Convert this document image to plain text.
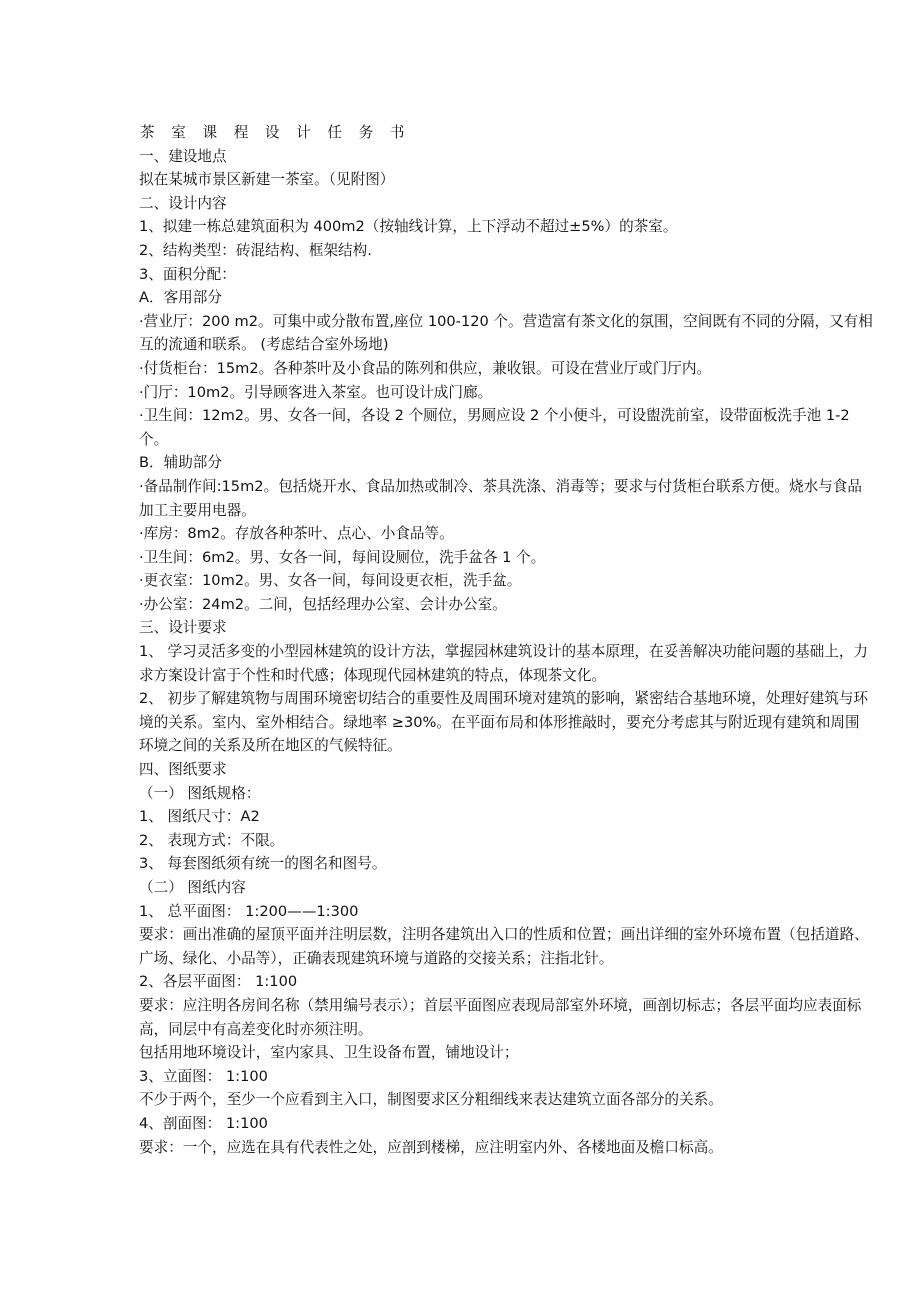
茶 室 课 程 设 计 任 务 书

一、建设地点

拟在某城市景区新建一茶室。（见附图）

二、设计内容

1、拟建一栋总建筑面积为 400m2（按轴线计算，上下浮动不超过±5%）的茶室。

2、结构类型：砖混结构、框架结构.

3、面积分配：

A．客用部分

·营业厅：200 m2。可集中或分散布置,座位 100-120 个。营造富有茶文化的氛围，空间既有不同的分隔，又有相互的流通和联系。 (考虑结合室外场地)

·付货柜台：15m2。各种茶叶及小食品的陈列和供应，兼收银。可设在营业厅或门厅内。

·门厅：10m2。引导顾客进入茶室。也可设计成门廊。

·卫生间：12m2。男、女各一间，各设 2 个厕位，男厕应设 2 个小便斗，可设盥洗前室，设带面板洗手池 1-2 个。

B．辅助部分

·备品制作间:15m2。包括烧开水、食品加热或制冷、茶具洗涤、消毒等；要求与付货柜台联系方便。烧水与食品加工主要用电器。

·库房：8m2。存放各种茶叶、点心、小食品等。

·卫生间：6m2。男、女各一间，每间设厕位，洗手盆各 1 个。

·更衣室：10m2。男、女各一间，每间设更衣柜，洗手盆。

·办公室：24m2。二间，包括经理办公室、会计办公室。

三、设计要求

1、 学习灵活多变的小型园林建筑的设计方法，掌握园林建筑设计的基本原理，在妥善解决功能问题的基础上，力求方案设计富于个性和时代感；体现现代园林建筑的特点，体现茶文化。

2、 初步了解建筑物与周围环境密切结合的重要性及周围环境对建筑的影响，紧密结合基地环境，处理好建筑与环境的关系。室内、室外相结合。绿地率 ≥30%。在平面布局和体形推敲时，要充分考虑其与附近现有建筑和周围环境之间的关系及所在地区的气候特征。

四、图纸要求

（一） 图纸规格：

1、 图纸尺寸：A2

2、 表现方式：不限。

3、 每套图纸须有统一的图名和图号。

（二） 图纸内容

1、 总平面图： 1:200——1:300

要求：画出准确的屋顶平面并注明层数，注明各建筑出入口的性质和位置；画出详细的室外环境布置（包括道路、广场、绿化、小品等），正确表现建筑环境与道路的交接关系；注指北针。

2、各层平面图： 1:100

要求：应注明各房间名称（禁用编号表示）；首层平面图应表现局部室外环境，画剖切标志；各层平面均应表面标高，同层中有高差变化时亦须注明。

包括用地环境设计，室内家具、卫生设备布置，铺地设计；

3、立面图： 1:100

不少于两个，至少一个应看到主入口，制图要求区分粗细线来表达建筑立面各部分的关系。

4、剖面图： 1:100

要求：一个，应选在具有代表性之处，应剖到楼梯，应注明室内外、各楼地面及檐口标高。
